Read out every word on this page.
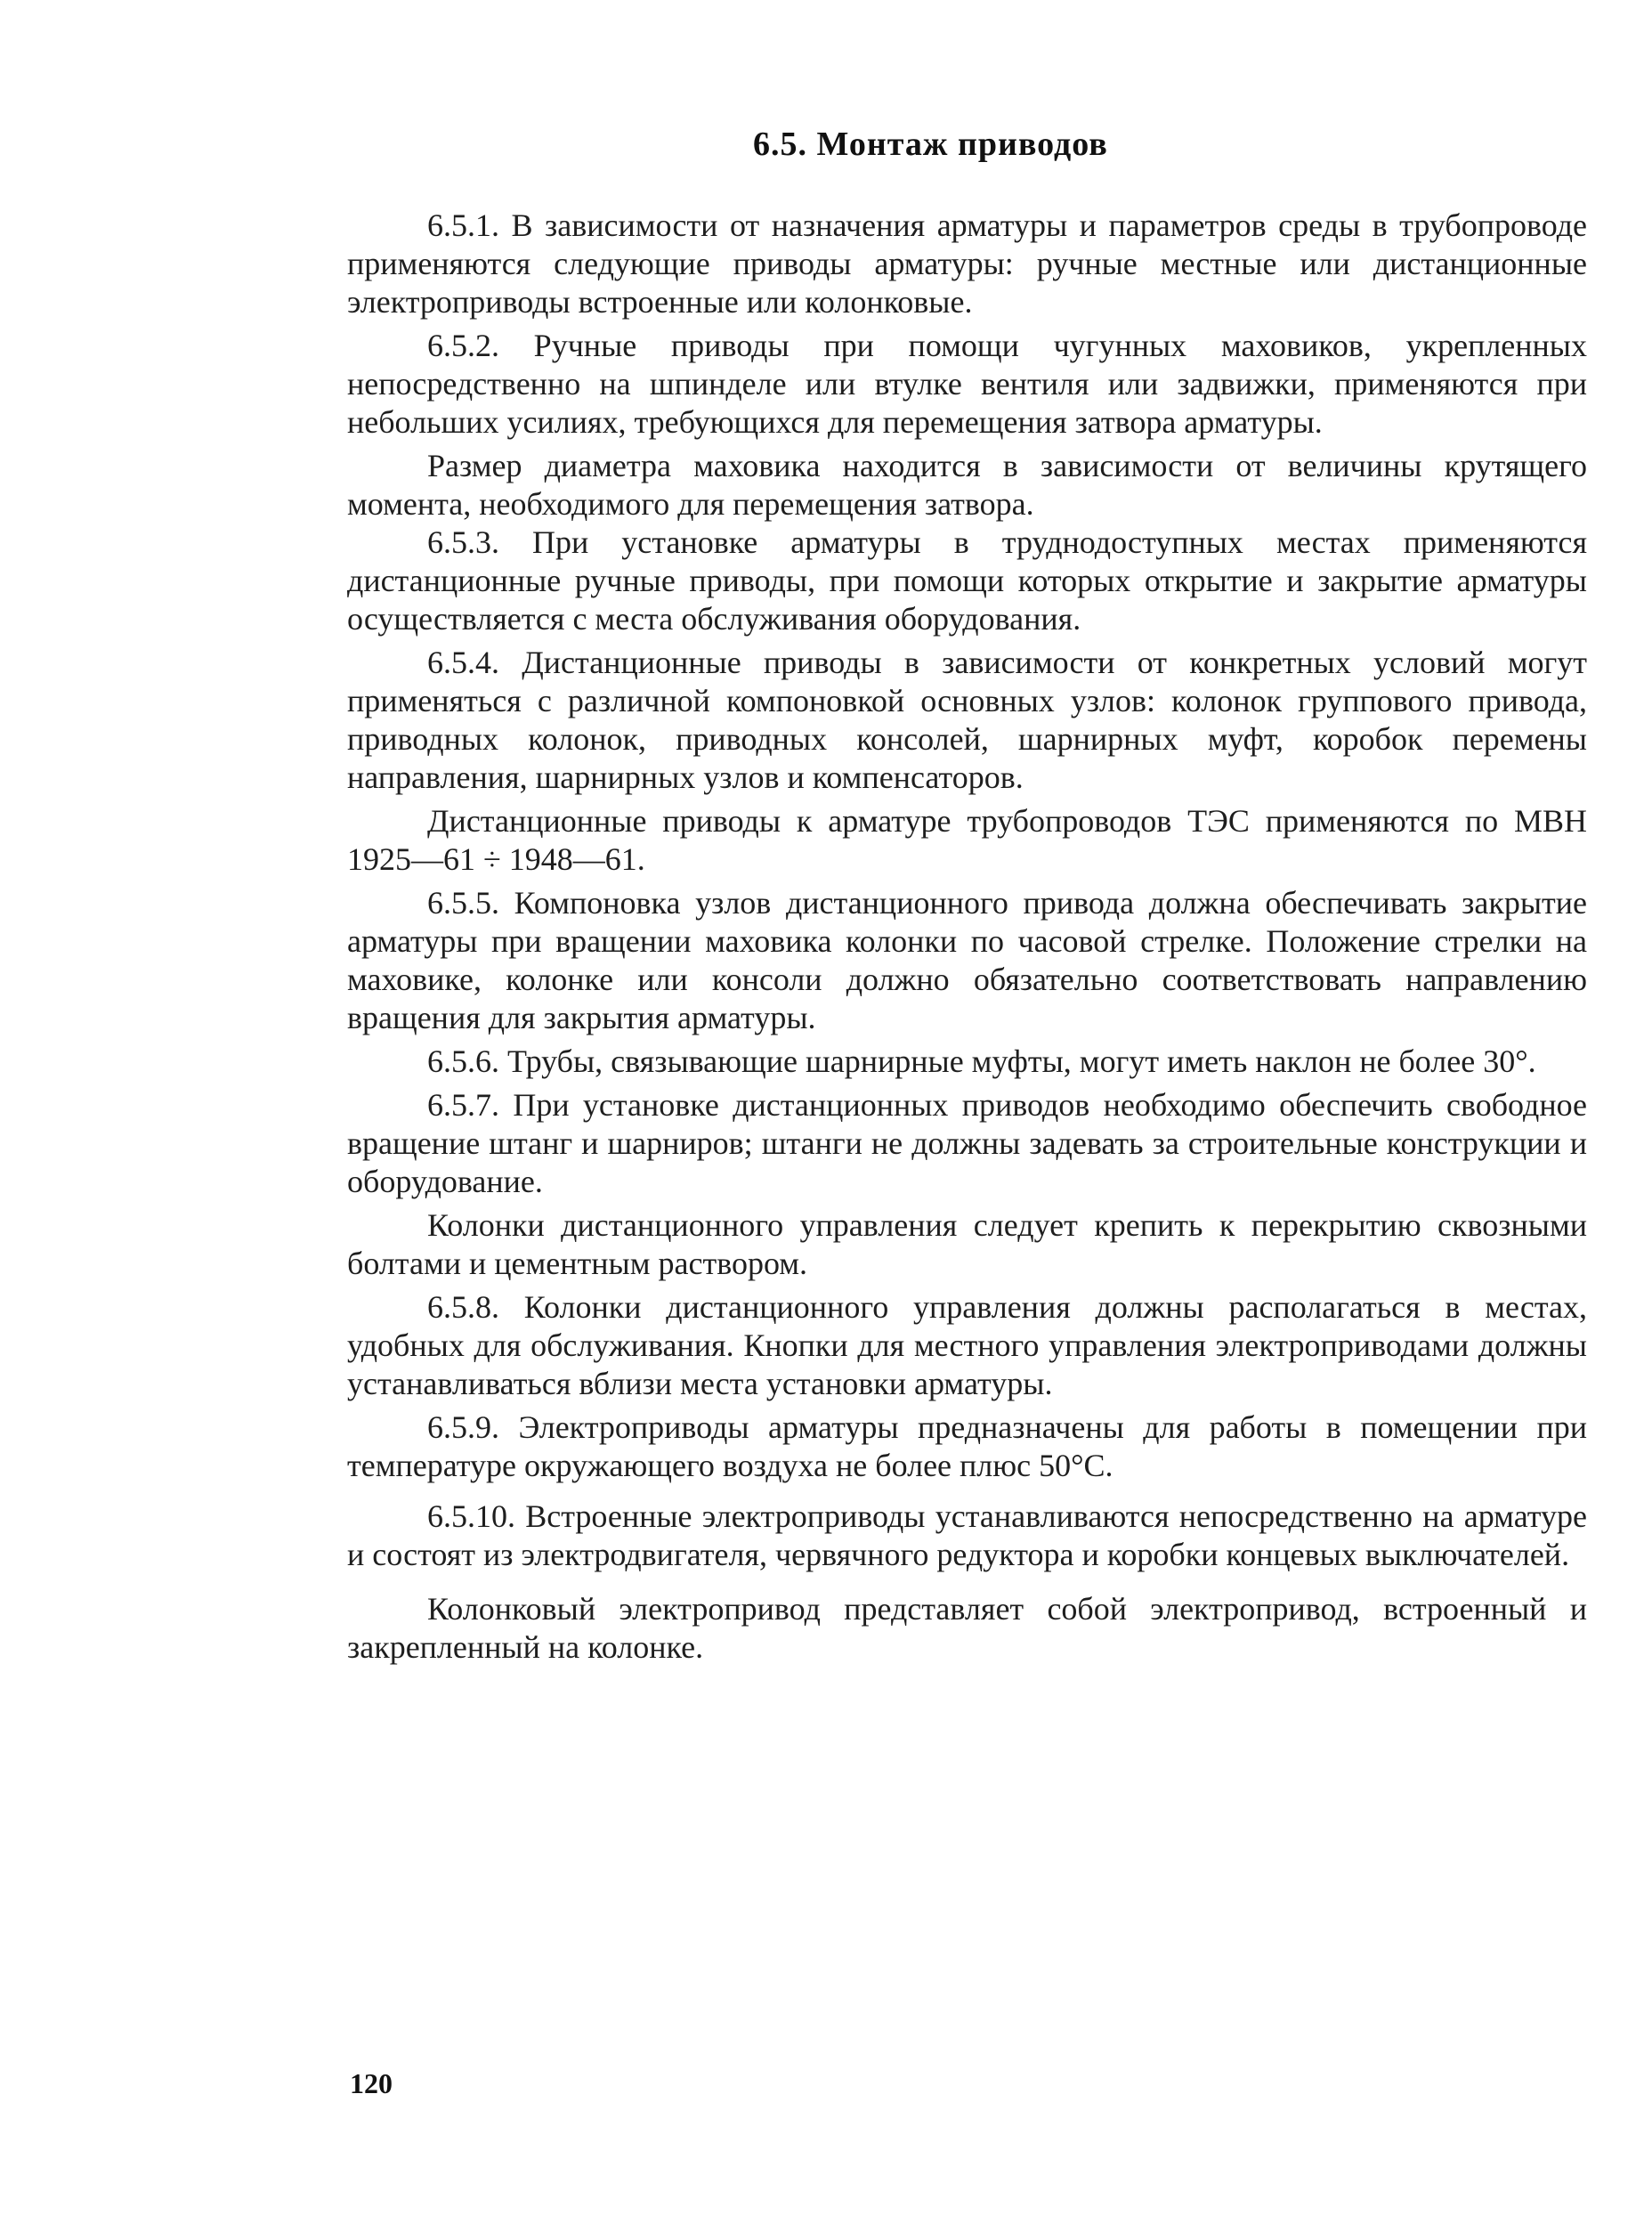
6.5. Монтаж приводов

6.5.1. В зависимости от назначения арматуры и параметров среды в трубопроводе применяются следующие приводы арматуры: ручные местные или дистанционные электроприводы встроенные или колонковые.

6.5.2. Ручные приводы при помощи чугунных маховиков, укрепленных непосредственно на шпинделе или втулке вентиля или задвижки, применяются при небольших усилиях, требующихся для перемещения затвора арматуры.

Размер диаметра маховика находится в зависимости от величины крутящего момента, необходимого для перемещения затвора.

6.5.3. При установке арматуры в труднодоступных местах применяются дистанционные ручные приводы, при помощи которых открытие и закрытие арматуры осуществляется с места обслуживания оборудования.

6.5.4. Дистанционные приводы в зависимости от конкретных условий могут применяться с различной компоновкой основных узлов: колонок группового привода, приводных колонок, приводных консолей, шарнирных муфт, коробок перемены направления, шарнирных узлов и компенсаторов.

Дистанционные приводы к арматуре трубопроводов ТЭС применяются по МВН 1925—61 ÷ 1948—61.

6.5.5. Компоновка узлов дистанционного привода должна обеспечивать закрытие арматуры при вращении маховика колонки по часовой стрелке. Положение стрелки на маховике, колонке или консоли должно обязательно соответствовать направлению вращения для закрытия арматуры.

6.5.6. Трубы, связывающие шарнирные муфты, могут иметь наклон не более 30°.

6.5.7. При установке дистанционных приводов необходимо обеспечить свободное вращение штанг и шарниров; штанги не должны задевать за строительные конструкции и оборудование.

Колонки дистанционного управления следует крепить к перекрытию сквозными болтами и цементным раствором.

6.5.8. Колонки дистанционного управления должны располагаться в местах, удобных для обслуживания. Кнопки для местного управления электроприводами должны устанавливаться вблизи места установки арматуры.

6.5.9. Электроприводы арматуры предназначены для работы в помещении при температуре окружающего воздуха не более плюс 50°С.

6.5.10. Встроенные электроприводы устанавливаются непосредственно на арматуре и состоят из электродвигателя, червячного редуктора и коробки концевых выключателей.

Колонковый электропривод представляет собой электропривод, встроенный и закрепленный на колонке.

120
